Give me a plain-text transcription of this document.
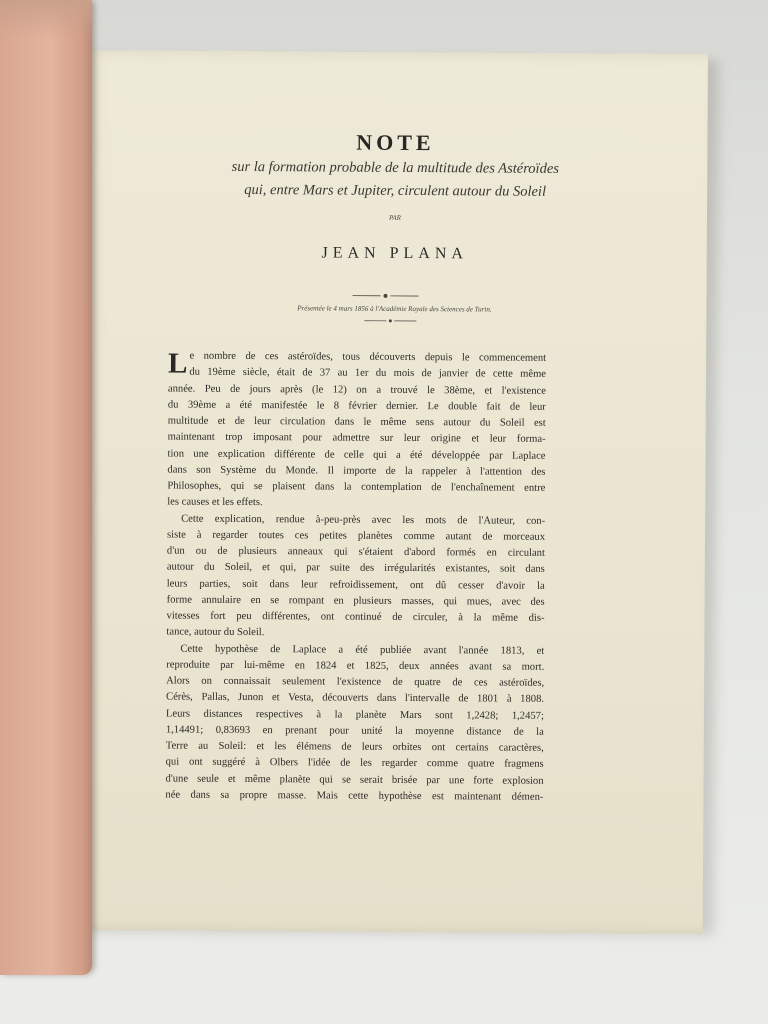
NOTE
sur la formation probable de la multitude des Astéroïdes
qui, entre Mars et Jupiter, circulent autour du Soleil
PAR
JEAN PLANA
Présentée le 4 mars 1856 à l'Académie Royale des Sciences de Turin.
L e nombre de ces astéroïdes, tous découverts depuis le commencement
du 19ème siècle, était de 37 au 1er du mois de janvier de cette même
année. Peu de jours après (le 12) on a trouvé le 38ème, et l'existence
du 39ème a été manifestée le 8 février dernier. Le double fait de leur
multitude et de leur circulation dans le même sens autour du Soleil est
maintenant trop imposant pour admettre sur leur origine et leur forma-
tion une explication différente de celle qui a été développée par Laplace
dans son Système du Monde. Il importe de la rappeler à l'attention des
Philosophes, qui se plaisent dans la contemplation de l'enchaînement entre
les causes et les effets.
Cette explication, rendue à-peu-près avec les mots de l'Auteur, con-
siste à regarder toutes ces petites planètes comme autant de morceaux
d'un ou de plusieurs anneaux qui s'étaient d'abord formés en circulant
autour du Soleil, et qui, par suite des irrégularités existantes, soit dans
leurs parties, soit dans leur refroidissement, ont dû cesser d'avoir la
forme annulaire en se rompant en plusieurs masses, qui mues, avec des
vitesses fort peu différentes, ont continué de circuler, à la même dis-
tance, autour du Soleil.
Cette hypothèse de Laplace a été publiée avant l'année 1813, et
reproduite par lui-même en 1824 et 1825, deux années avant sa mort.
Alors on connaissait seulement l'existence de quatre de ces astéroïdes,
Cérès, Pallas, Junon et Vesta, découverts dans l'intervalle de 1801 à 1808.
Leurs distances respectives à la planète Mars sont 1,2428; 1,2457;
1,14491; 0,83693 en prenant pour unité la moyenne distance de la
Terre au Soleil: et les élémens de leurs orbites ont certains caractères,
qui ont suggéré à Olbers l'idée de les regarder comme quatre fragmens
d'une seule et même planète qui se serait brisée par une forte explosion
née dans sa propre masse. Mais cette hypothèse est maintenant démen-
